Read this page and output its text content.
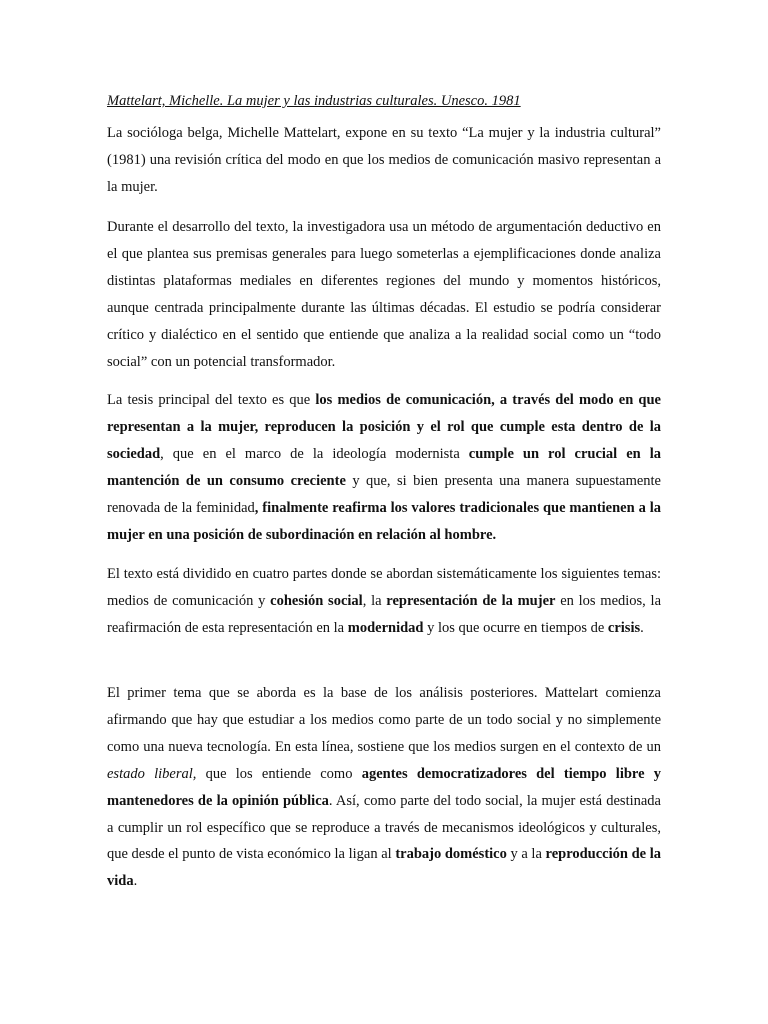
Mattelart, Michelle. La mujer y las industrias culturales. Unesco. 1981

La socióloga belga, Michelle Mattelart, expone en su texto “La mujer y la industria cultural” (1981) una revisión crítica del modo en que los medios de comunicación masivo representan a la mujer.

Durante el desarrollo del texto, la investigadora usa un método de argumentación deductivo en el que plantea sus premisas generales para luego someterlas a ejemplificaciones donde analiza distintas plataformas mediales en diferentes regiones del mundo y momentos históricos, aunque centrada principalmente durante las últimas décadas. El estudio se podría considerar crítico y dialéctico en el sentido que entiende que analiza a la realidad social como un “todo social” con un potencial transformador.

La tesis principal del texto es que los medios de comunicación, a través del modo en que representan a la mujer, reproducen la posición y el rol que cumple esta dentro de la sociedad, que en el marco de la ideología modernista cumple un rol crucial en la mantención de un consumo creciente y que, si bien presenta una manera supuestamente renovada de la feminidad, finalmente reafirma los valores tradicionales que mantienen a la mujer en una posición de subordinación en relación al hombre.

El texto está dividido en cuatro partes donde se abordan sistemáticamente los siguientes temas: medios de comunicación y cohesión social, la representación de la mujer en los medios, la reafirmación de esta representación en la modernidad y los que ocurre en tiempos de crisis.

El primer tema que se aborda es la base de los análisis posteriores. Mattelart comienza afirmando que hay que estudiar a los medios como parte de un todo social y no simplemente como una nueva tecnología. En esta línea, sostiene que los medios surgen en el contexto de un estado liberal, que los entiende como agentes democratizadores del tiempo libre y mantenedores de la opinión pública. Así, como parte del todo social, la mujer está destinada a cumplir un rol específico que se reproduce a través de mecanismos ideológicos y culturales, que desde el punto de vista económico la ligan al trabajo doméstico y a la reproducción de la vida.
